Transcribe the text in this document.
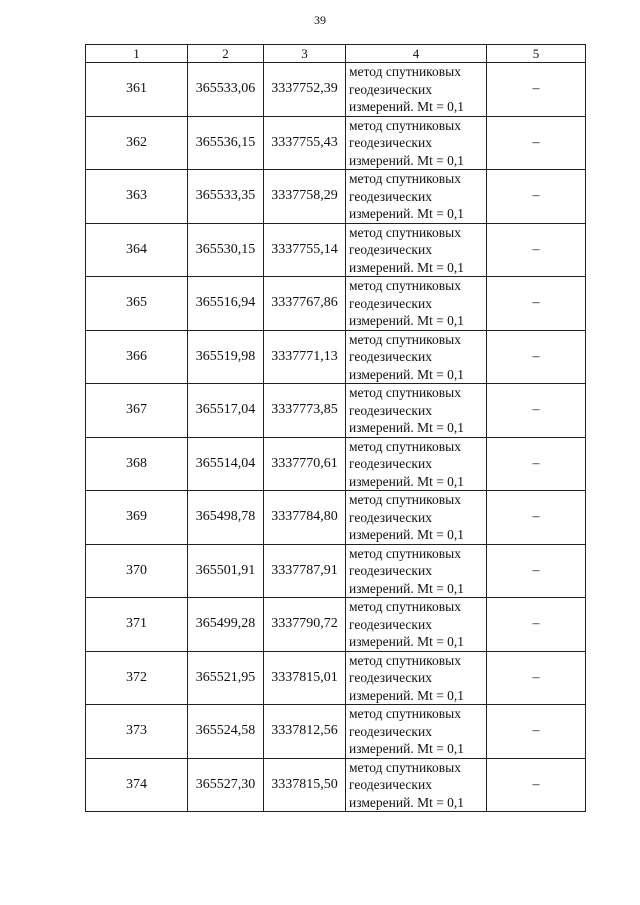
39
1	2	3	4	5
361	365533,06	3337752,39	метод спутниковых
геодезических
измерений. Mt = 0,1	–
362	365536,15	3337755,43	метод спутниковых
геодезических
измерений. Mt = 0,1	–
363	365533,35	3337758,29	метод спутниковых
геодезических
измерений. Mt = 0,1	–
364	365530,15	3337755,14	метод спутниковых
геодезических
измерений. Mt = 0,1	–
365	365516,94	3337767,86	метод спутниковых
геодезических
измерений. Mt = 0,1	–
366	365519,98	3337771,13	метод спутниковых
геодезических
измерений. Mt = 0,1	–
367	365517,04	3337773,85	метод спутниковых
геодезических
измерений. Mt = 0,1	–
368	365514,04	3337770,61	метод спутниковых
геодезических
измерений. Mt = 0,1	–
369	365498,78	3337784,80	метод спутниковых
геодезических
измерений. Mt = 0,1	–
370	365501,91	3337787,91	метод спутниковых
геодезических
измерений. Mt = 0,1	–
371	365499,28	3337790,72	метод спутниковых
геодезических
измерений. Mt = 0,1	–
372	365521,95	3337815,01	метод спутниковых
геодезических
измерений. Mt = 0,1	–
373	365524,58	3337812,56	метод спутниковых
геодезических
измерений. Mt = 0,1	–
374	365527,30	3337815,50	метод спутниковых
геодезических
измерений. Mt = 0,1	–
